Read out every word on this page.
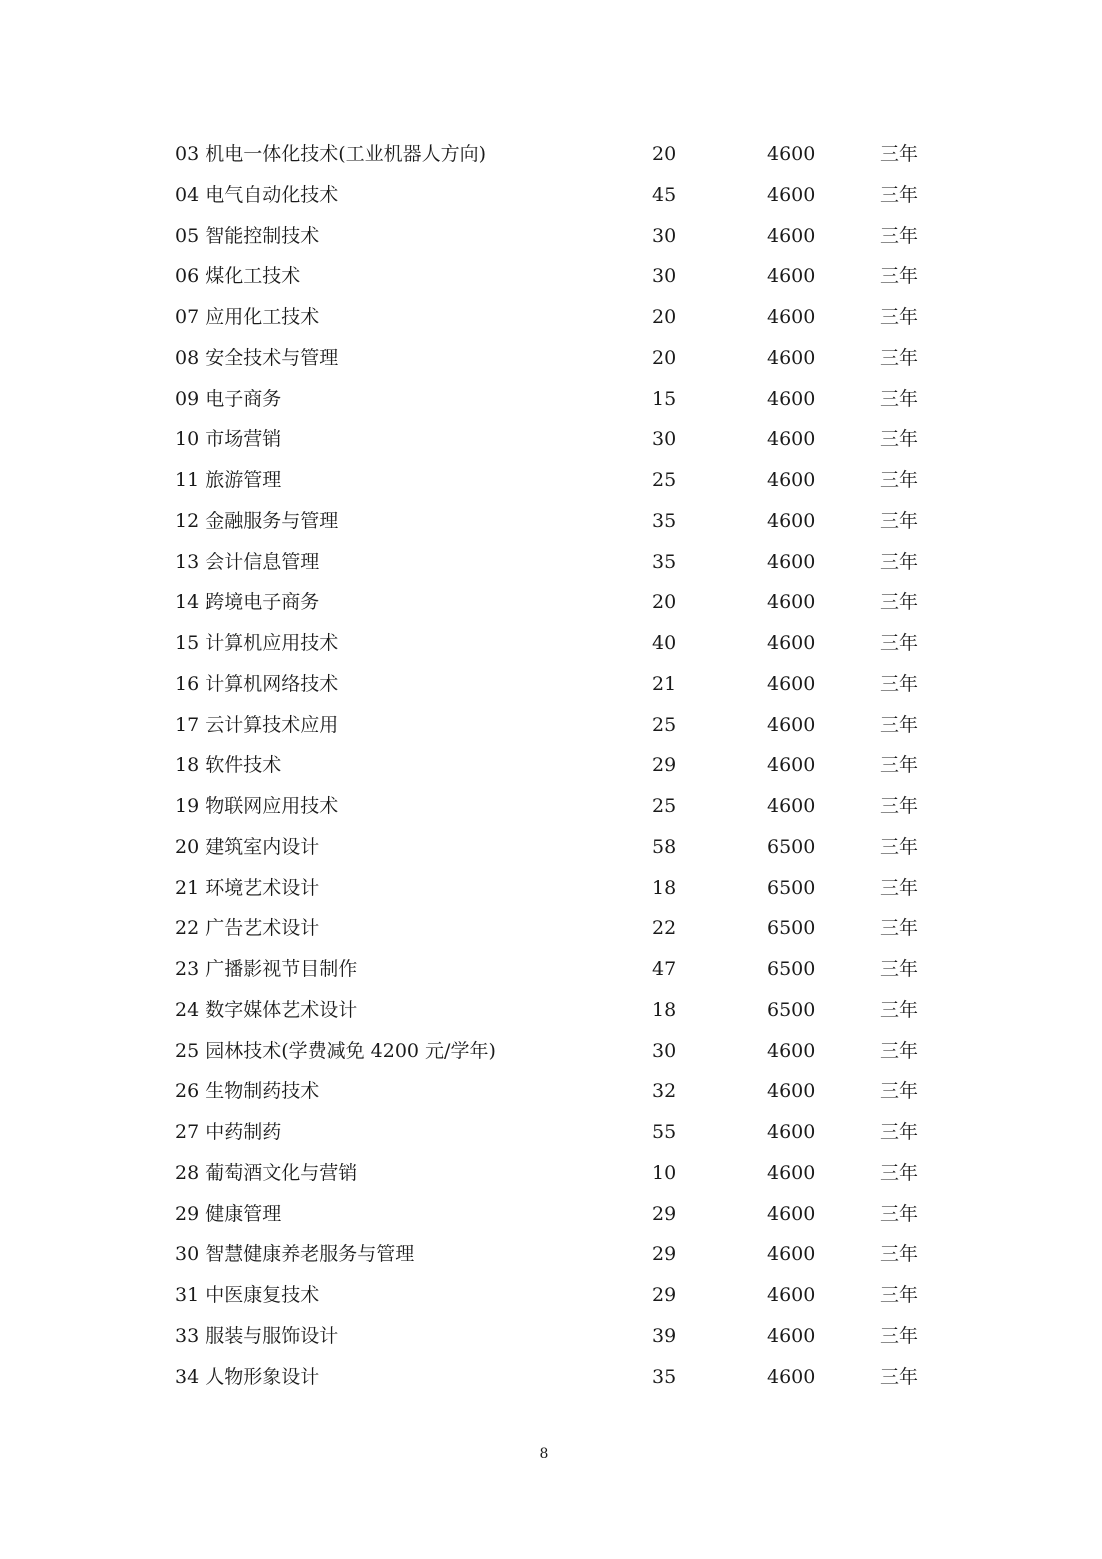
03 机电一体化技术(工业机器人方向)	20	4600	三年
04 电气自动化技术	45	4600	三年
05 智能控制技术	30	4600	三年
06 煤化工技术	30	4600	三年
07 应用化工技术	20	4600	三年
08 安全技术与管理	20	4600	三年
09 电子商务	15	4600	三年
10 市场营销	30	4600	三年
11 旅游管理	25	4600	三年
12 金融服务与管理	35	4600	三年
13 会计信息管理	35	4600	三年
14 跨境电子商务	20	4600	三年
15 计算机应用技术	40	4600	三年
16 计算机网络技术	21	4600	三年
17 云计算技术应用	25	4600	三年
18 软件技术	29	4600	三年
19 物联网应用技术	25	4600	三年
20 建筑室内设计	58	6500	三年
21 环境艺术设计	18	6500	三年
22 广告艺术设计	22	6500	三年
23 广播影视节目制作	47	6500	三年
24 数字媒体艺术设计	18	6500	三年
25 园林技术(学费减免 4200 元/学年)	30	4600	三年
26 生物制药技术	32	4600	三年
27 中药制药	55	4600	三年
28 葡萄酒文化与营销	10	4600	三年
29 健康管理	29	4600	三年
30 智慧健康养老服务与管理	29	4600	三年
31 中医康复技术	29	4600	三年
33 服装与服饰设计	39	4600	三年
34 人物形象设计	35	4600	三年
8
